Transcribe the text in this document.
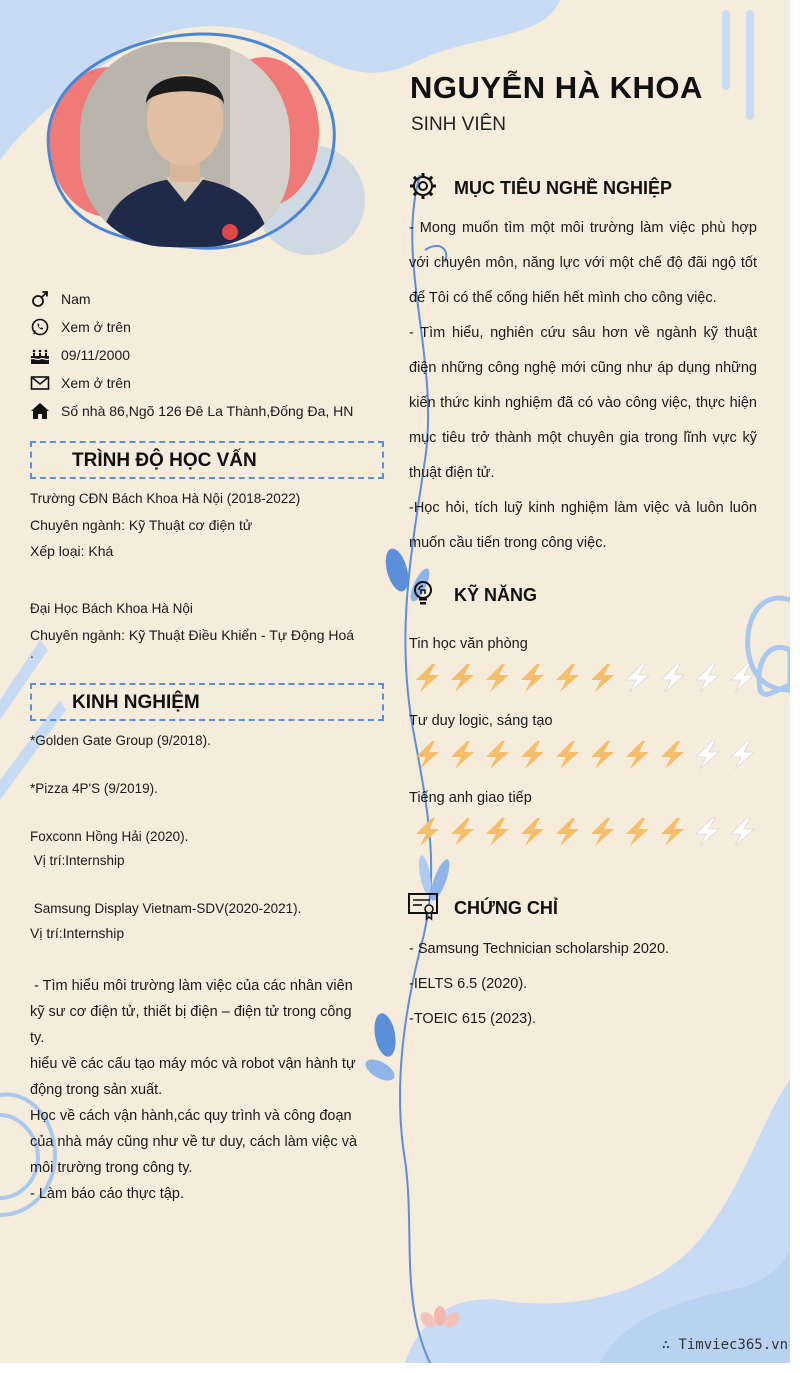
NGUYỄN HÀ KHOA
SINH VIÊN
Nam
Xem ở trên
09/11/2000
Xem ở trên
Số nhà 86,Ngõ 126 Đê La Thành,Đống Đa, HN
TRÌNH ĐỘ HỌC VẤN
Trường CĐN Bách Khoa Hà Nội (2018-2022)
Chuyên ngành: Kỹ Thuật cơ điện tử
Xếp loại: Khá
Đại Học Bách Khoa Hà Nội
Chuyên ngành: Kỹ Thuật Điều Khiển - Tự Động Hoá
.
KINH NGHIỆM
*Golden Gate Group (9/2018).
*Pizza 4P'S (9/2019).
Foxconn Hồng Hải (2020).
Vị trí:Internship
Samsung Display Vietnam-SDV(2020-2021).
Vị trí:Internship
- Tìm hiểu môi trường làm việc của các nhân viên kỹ sư cơ điện tử, thiết bị điện – điện tử trong công ty.
hiểu về các cấu tạo máy móc và robot vận hành tự động trong sản xuất.
Học về cách vận hành,các quy trình và công đoạn của nhà máy cũng như về tư duy, cách làm việc và môi trường trong công ty.
- Làm báo cáo thực tập.
MỤC TIÊU NGHỀ NGHIỆP

- Mong muốn tìm một môi trường làm việc phù hợp với chuyên môn, năng lực với một chế độ đãi ngộ tốt để Tôi có thể cống hiến hết mình cho công việc.

- Tìm hiểu, nghiên cứu sâu hơn về ngành kỹ thuật điện những công nghệ mới cũng như áp dụng những kiến thức kinh nghiệm đã có vào công việc, thực hiện mục tiêu trở thành một chuyên gia trong lĩnh vực kỹ thuật điện tử.

-Học hỏi, tích luỹ kinh nghiệm làm việc và luôn luôn muốn cầu tiến trong công việc.

KỸ NĂNG
Tin học văn phòng
Tư duy logic, sáng tạo
Tiếng anh giao tiếp
CHỨNG CHỈ

- Samsung Technician scholarship 2020.

-IELTS 6.5 (2020).

-TOEIC 615 (2023).

∴ Timviec365.vn
